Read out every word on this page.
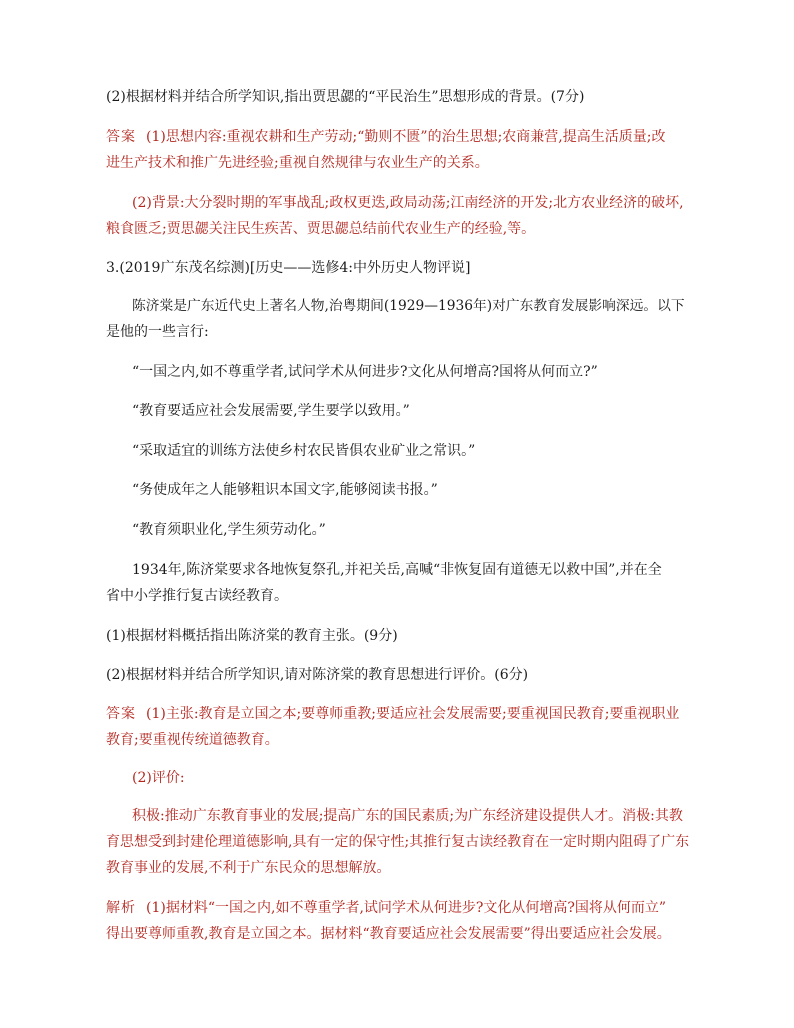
(2)根据材料并结合所学知识,指出贾思勰的“平民治生”思想形成的背景。(7分)
答案 (1)思想内容:重视农耕和生产劳动;“勤则不匮”的治生思想;农商兼营,提高生活质量;改
进生产技术和推广先进经验;重视自然规律与农业生产的关系。
(2)背景:大分裂时期的军事战乱;政权更迭,政局动荡;江南经济的开发;北方农业经济的破坏,
粮食匮乏;贾思勰关注民生疾苦、贾思勰总结前代农业生产的经验,等。
3.(2019广东茂名综测)[历史——选修4:中外历史人物评说]
陈济棠是广东近代史上著名人物,治粤期间(1929—1936年)对广东教育发展影响深远。以下
是他的一些言行:
“一国之内,如不尊重学者,试问学术从何进步?文化从何增高?国将从何而立?”
“教育要适应社会发展需要,学生要学以致用。”
“采取适宜的训练方法使乡村农民皆俱农业矿业之常识。”
“务使成年之人能够粗识本国文字,能够阅读书报。”
“教育须职业化,学生须劳动化。”
1934年,陈济棠要求各地恢复祭孔,并祀关岳,高喊“非恢复固有道德无以救中国”,并在全
省中小学推行复古读经教育。
(1)根据材料概括指出陈济棠的教育主张。(9分)
(2)根据材料并结合所学知识,请对陈济棠的教育思想进行评价。(6分)
答案 (1)主张:教育是立国之本;要尊师重教;要适应社会发展需要;要重视国民教育;要重视职业
教育;要重视传统道德教育。
(2)评价:
积极:推动广东教育事业的发展;提高广东的国民素质;为广东经济建设提供人才。消极:其教
育思想受到封建伦理道德影响,具有一定的保守性;其推行复古读经教育在一定时期内阻碍了广东
教育事业的发展,不利于广东民众的思想解放。
解析 (1)据材料“一国之内,如不尊重学者,试问学术从何进步?文化从何增高?国将从何而立”
得出要尊师重教,教育是立国之本。据材料“教育要适应社会发展需要”得出要适应社会发展。
